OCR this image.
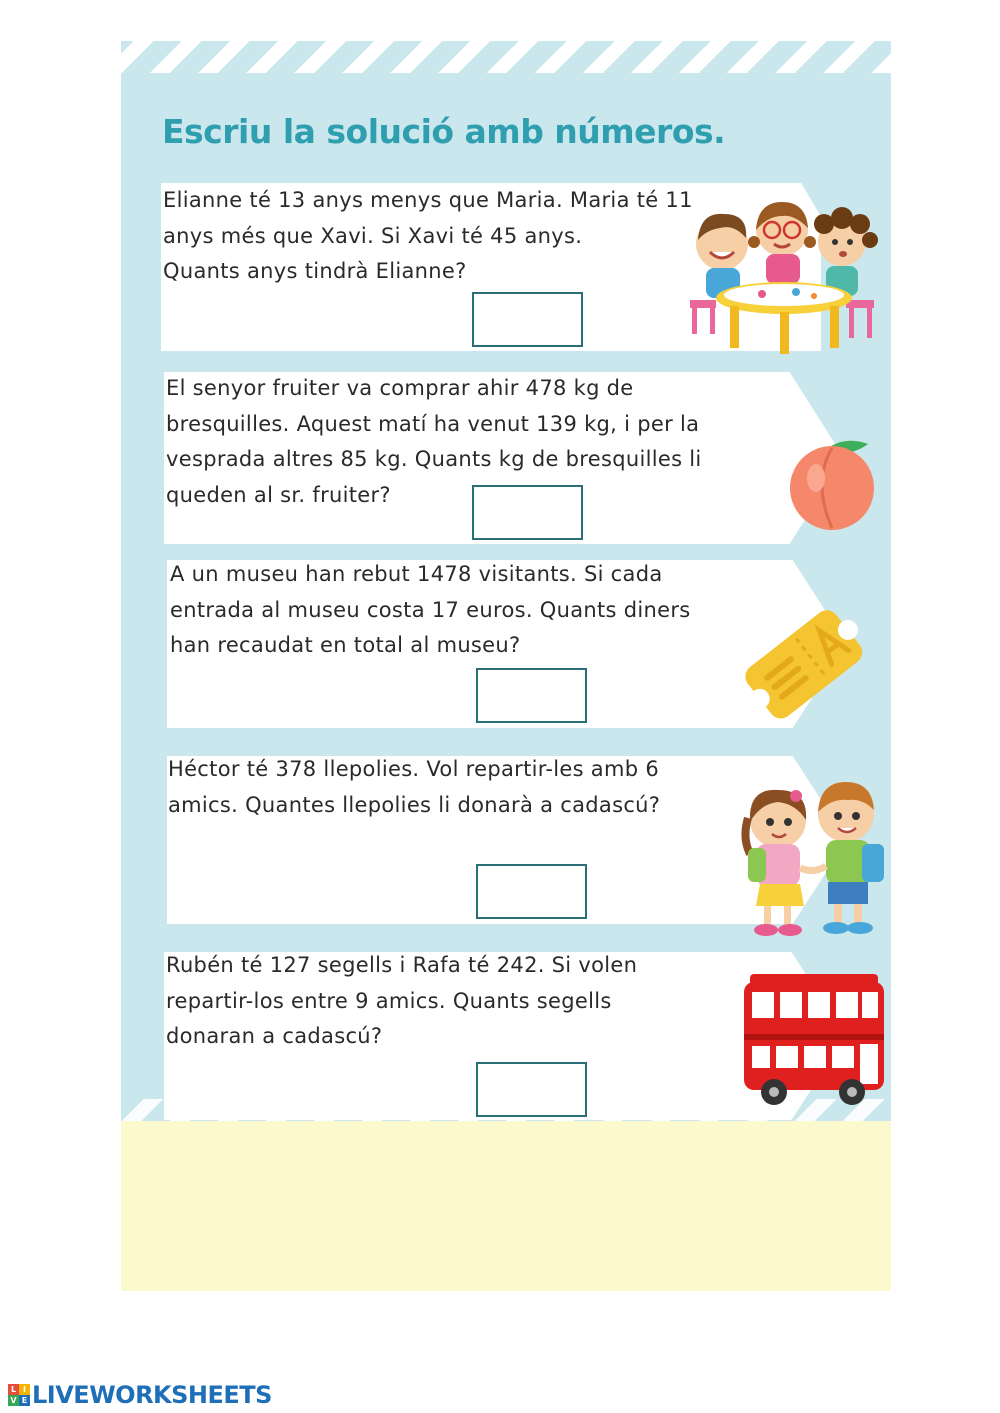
Escriu la solució amb números.

Elianne té 13 anys menys que Maria. Maria té 11
anys més que Xavi. Si Xavi té 45 anys.
Quants anys tindrà Elianne?

El senyor fruiter va comprar ahir 478 kg de
bresquilles. Aquest matí ha venut 139 kg, i per la
vesprada altres 85 kg. Quants kg de bresquilles li
queden al sr. fruiter?

A un museu han rebut 1478 visitants. Si cada
entrada al museu costa 17 euros. Quants diners
han recaudat en total al museu?

Héctor té 378 llepolies. Vol repartir-les amb 6
amics. Quantes llepolies li donarà a cadascú?

Rubén té 127 segells i Rafa té 242. Si volen
repartir-los entre 9 amics. Quants segells
donaran a cadascú?

L I
V E LIVEWORKSHEETS
